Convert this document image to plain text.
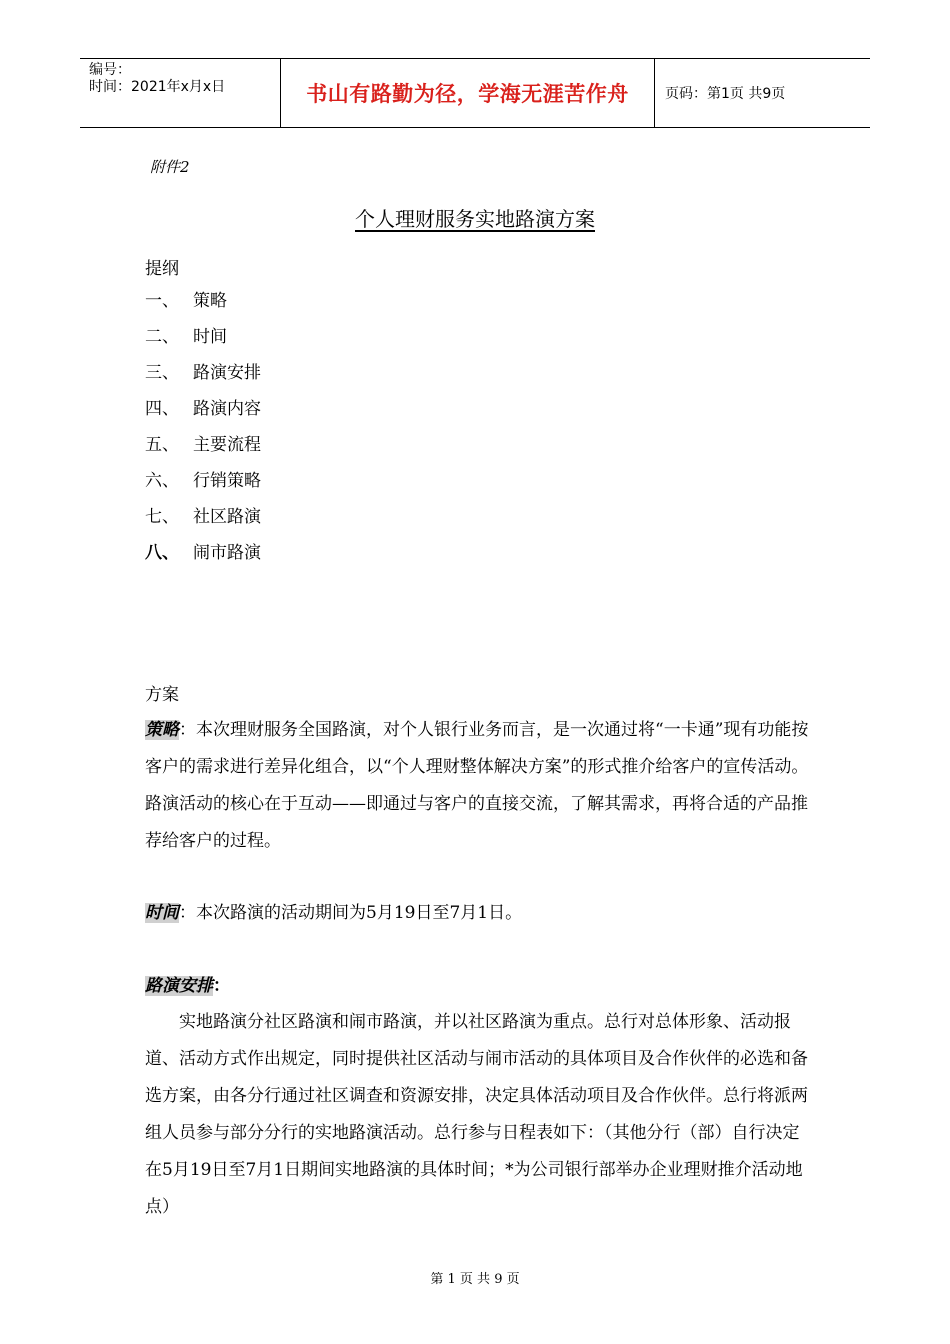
编号：
时间：2021年x月x日	书山有路勤为径，学海无涯苦作舟	页码：第1页 共9页
附件2
个人理财服务实地路演方案
提纲
一、 策略
二、 时间
三、 路演安排
四、 路演内容
五、 主要流程
六、 行销策略
七、 社区路演
八、 闹市路演
方案

策略：本次理财服务全国路演，对个人银行业务而言，是一次通过将“一卡通”现有功能按客户的需求进行差异化组合，以“个人理财整体解决方案”的形式推介给客户的宣传活动。路演活动的核心在于互动——即通过与客户的直接交流，了解其需求，再将合适的产品推荐给客户的过程。

时间：本次路演的活动期间为5月19日至7月1日。

路演安排：

实地路演分社区路演和闹市路演，并以社区路演为重点。总行对总体形象、活动报道、活动方式作出规定，同时提供社区活动与闹市活动的具体项目及合作伙伴的必选和备选方案，由各分行通过社区调查和资源安排，决定具体活动项目及合作伙伴。总行将派两组人员参与部分分行的实地路演活动。总行参与日程表如下：（其他分行（部）自行决定在5月19日至7月1日期间实地路演的具体时间；*为公司银行部举办企业理财推介活动地点）

第 1 页 共 9 页
